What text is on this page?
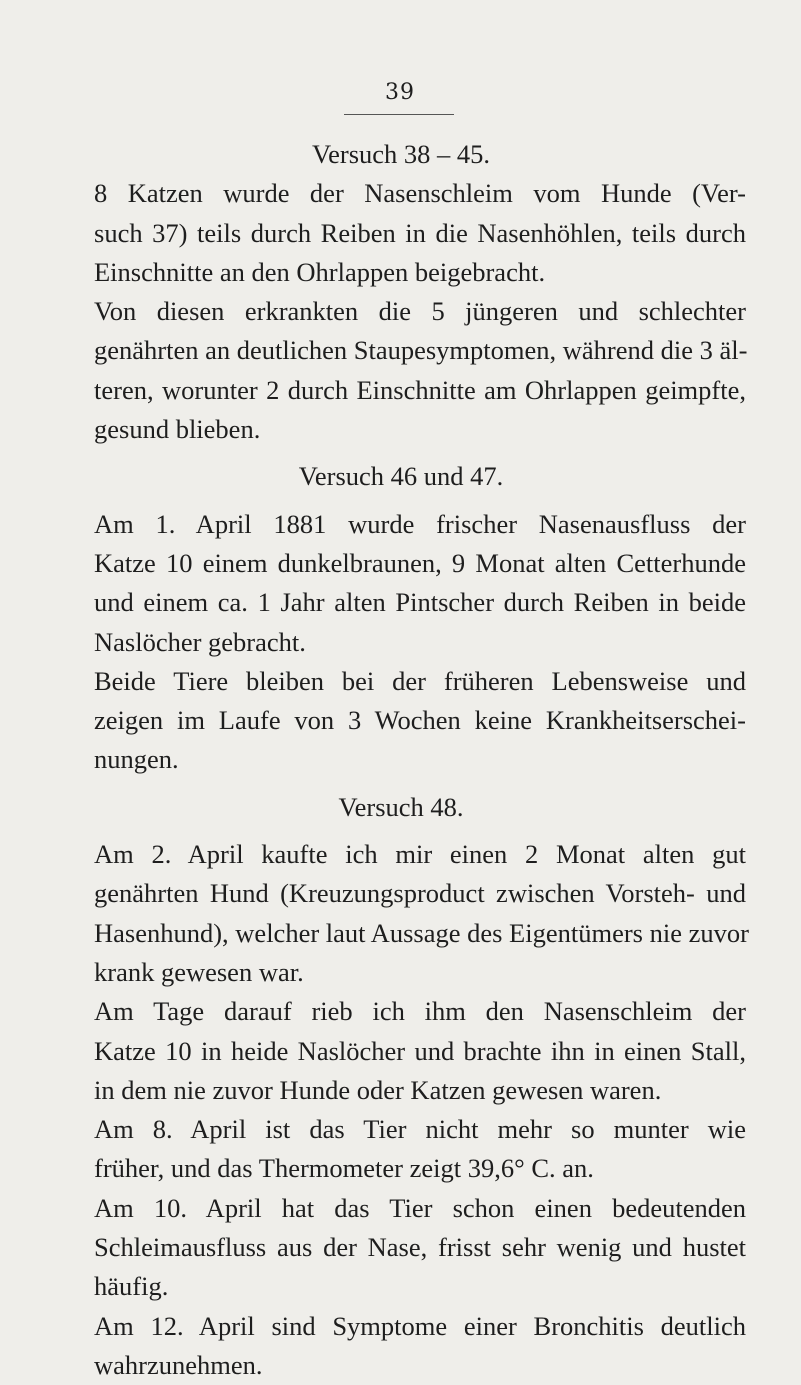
39
Versuch 38 – 45.

8 Katzen wurde der Nasenschleim vom Hunde (Ver-
such 37) teils durch Reiben in die Nasenhöhlen, teils durch
Einschnitte an den Ohrlappen beigebracht.

Von diesen erkrankten die 5 jüngeren und schlechter
genährten an deutlichen Staupesymptomen, während die 3 äl-
teren, worunter 2 durch Einschnitte am Ohrlappen geimpfte,
gesund blieben.

Versuch 46 und 47.

Am 1. April 1881 wurde frischer Nasenausfluss der
Katze 10 einem dunkelbraunen, 9 Monat alten Cetterhunde
und einem ca. 1 Jahr alten Pintscher durch Reiben in beide
Naslöcher gebracht.

Beide Tiere bleiben bei der früheren Lebensweise und
zeigen im Laufe von 3 Wochen keine Krankheitserschei-
nungen.

Versuch 48.

Am 2. April kaufte ich mir einen 2 Monat alten gut
genährten Hund (Kreuzungsproduct zwischen Vorsteh- und
Hasenhund), welcher laut Aussage des Eigentümers nie zuvor
krank gewesen war.

Am Tage darauf rieb ich ihm den Nasenschleim der
Katze 10 in heide Naslöcher und brachte ihn in einen Stall,
in dem nie zuvor Hunde oder Katzen gewesen waren.

Am 8. April ist das Tier nicht mehr so munter wie
früher, und das Thermometer zeigt 39,6° C. an.

Am 10. April hat das Tier schon einen bedeutenden
Schleimausfluss aus der Nase, frisst sehr wenig und hustet
häufig.

Am 12. April sind Symptome einer Bronchitis deutlich
wahrzunehmen.
